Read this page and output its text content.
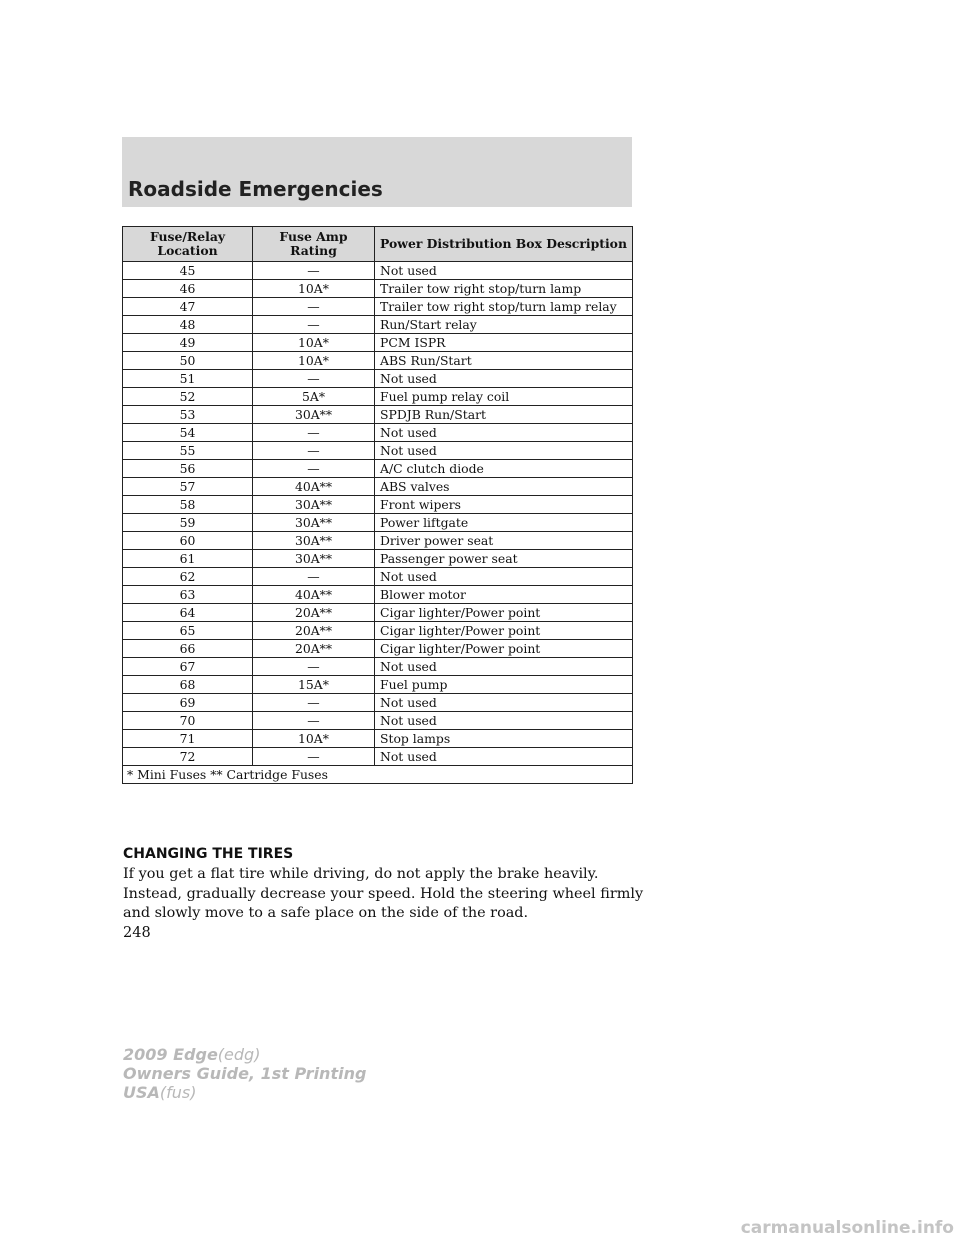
Roadside Emergencies
Fuse/Relay Location	Fuse Amp Rating	Power Distribution Box Description
45	—	Not used
46	10A*	Trailer tow right stop/turn lamp
47	—	Trailer tow right stop/turn lamp relay
48	—	Run/Start relay
49	10A*	PCM ISPR
50	10A*	ABS Run/Start
51	—	Not used
52	5A*	Fuel pump relay coil
53	30A**	SPDJB Run/Start
54	—	Not used
55	—	Not used
56	—	A/C clutch diode
57	40A**	ABS valves
58	30A**	Front wipers
59	30A**	Power liftgate
60	30A**	Driver power seat
61	30A**	Passenger power seat
62	—	Not used
63	40A**	Blower motor
64	20A**	Cigar lighter/Power point
65	20A**	Cigar lighter/Power point
66	20A**	Cigar lighter/Power point
67	—	Not used
68	15A*	Fuel pump
69	—	Not used
70	—	Not used
71	10A*	Stop lamps
72	—	Not used
* Mini Fuses ** Cartridge Fuses		
CHANGING THE TIRES
If you get a flat tire while driving, do not apply the brake heavily.
Instead, gradually decrease your speed. Hold the steering wheel firmly
and slowly move to a safe place on the side of the road.
248
2009 Edge(edg)
Owners Guide, 1st Printing
USA(fus)
carmanualsonline.info
